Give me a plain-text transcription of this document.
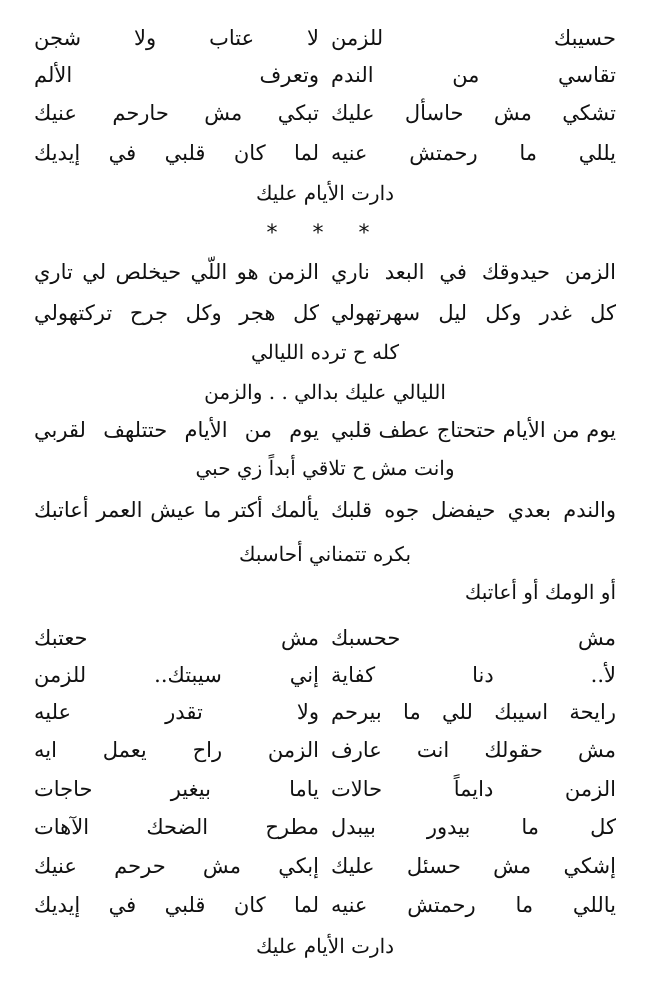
حسيبك للزمن
لا عتاب ولا شجن
تقاسي من الندم
وتعرف الألم
تشكي مش حاسأل عليك
تبكي مش حارحم عنيك
يللي ما رحمتش عنيه
لما كان قلبي في إيديك
دارت الأيام عليك
* * *
الزمن حيدوقك في البعد ناري
الزمن هو اللّي حيخلص لي تاري
كل غدر وكل ليل سهرتهولي
كل هجر وكل جرح تركتهولي
كله ح ترده الليالي
الليالي عليك بدالي . . والزمن
يوم من الأيام حتحتاج عطف قلبي
يوم من الأيام حتتلهف لقربي
وانت مش ح تلاقي أبداً زي حبي
والندم بعدي حيفضل جوه قلبك
يألمك أكتر ما عيش العمر أعاتبك
بكره تتمناني أحاسبك
أو الومك أو أعاتبك
مش ححسبك
مش حعتبك
لأ.. دنا كفاية
إني سيبتك.. للزمن
رايحة اسيبك للي ما بيرحم
ولا تقدر عليه
مش حقولك انت عارف
الزمن راح يعمل ايه
الزمن دايماً حالات
ياما بيغير حاجات
كل ما بيدور بيبدل
مطرح الضحك الآهات
إشكي مش حسئل عليك
إبكي مش حرحم عنيك
ياللي ما رحمتش عنيه
لما كان قلبي في إيديك
دارت الأيام عليك
